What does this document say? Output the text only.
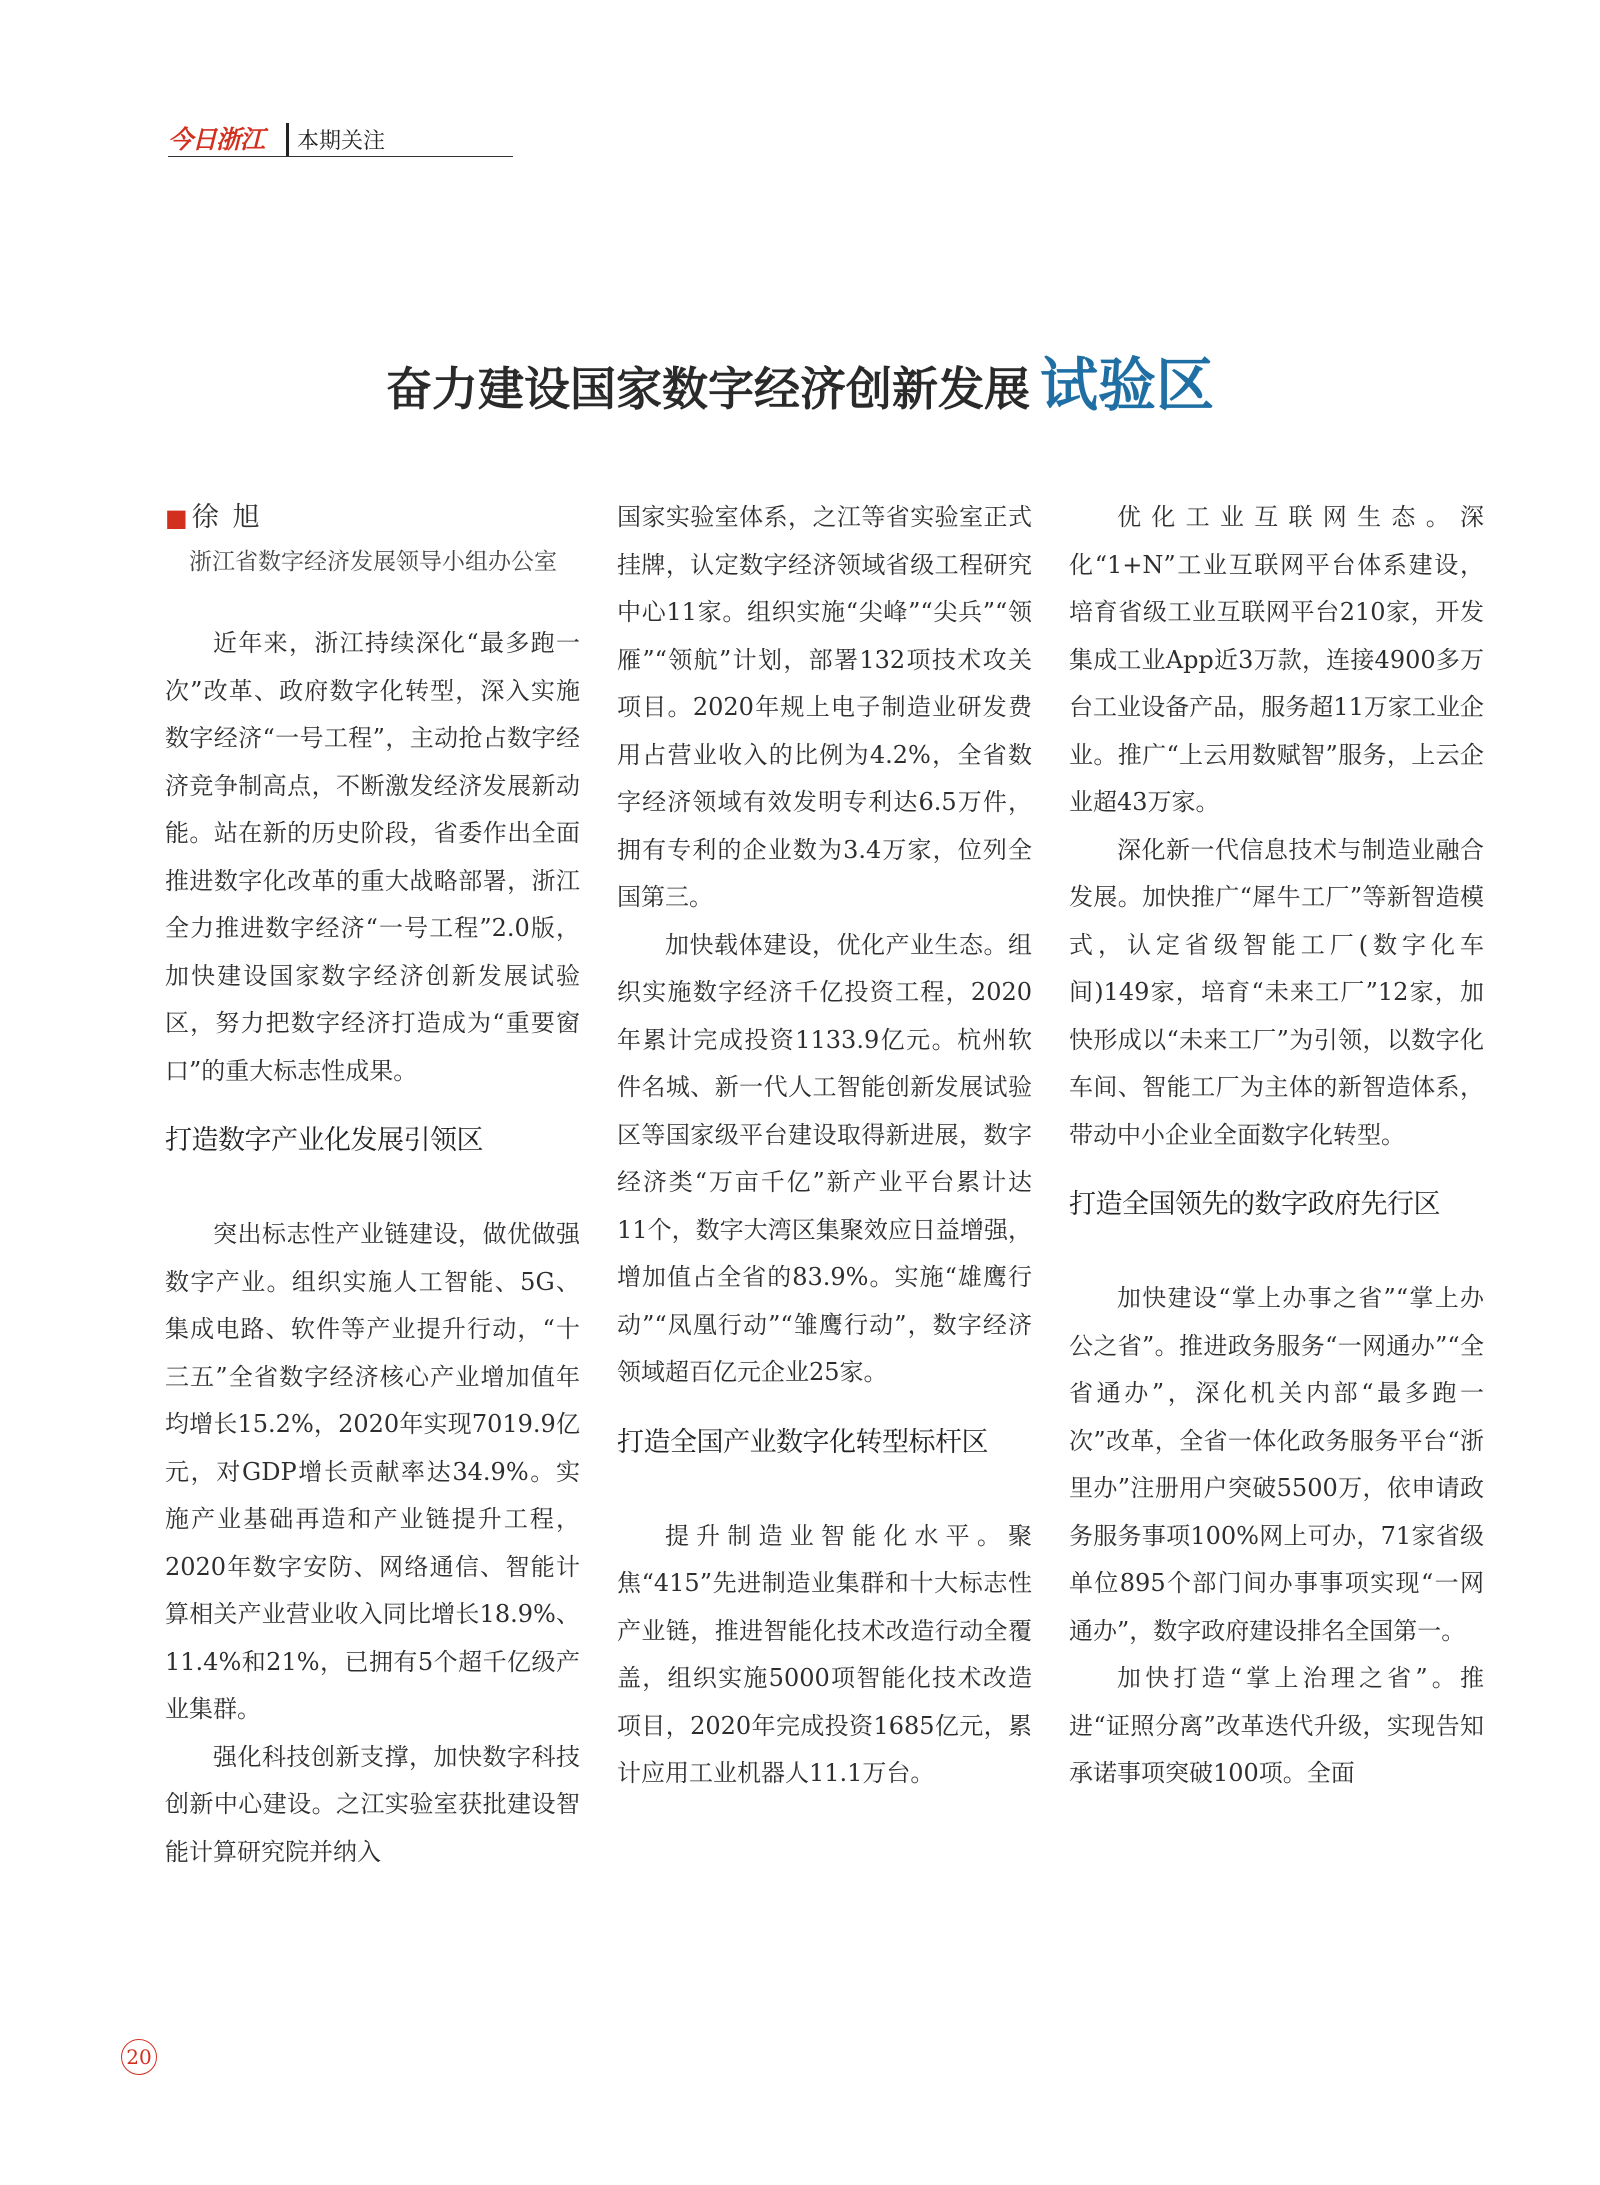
今日浙江 本期关注
奋力建设国家数字经济创新发展 试验区
■ 徐旭
浙江省数字经济发展领导小组办公室

近年来，浙江持续深化“最多跑一次”改革、政府数字化转型，深入实施数字经济“一号工程”，主动抢占数字经济竞争制高点，不断激发经济发展新动能。站在新的历史阶段，省委作出全面推进数字化改革的重大战略部署，浙江全力推进数字经济“一号工程”2.0版，加快建设国家数字经济创新发展试验区，努力把数字经济打造成为“重要窗口”的重大标志性成果。

打造数字产业化发展引领区

突出标志性产业链建设，做优做强数字产业。组织实施人工智能、5G、集成电路、软件等产业提升行动，“十三五”全省数字经济核心产业增加值年均增长15.2%，2020年实现7019.9亿元，对GDP增长贡献率达34.9%。实施产业基础再造和产业链提升工程，2020年数字安防、网络通信、智能计算相关产业营业收入同比增长18.9%、11.4%和21%，已拥有5个超千亿级产业集群。

强化科技创新支撑，加快数字科技创新中心建设。之江实验室获批建设智能计算研究院并纳入

国家实验室体系，之江等省实验室正式挂牌，认定数字经济领域省级工程研究中心11家。组织实施“尖峰”“尖兵”“领雁”“领航”计划，部署132项技术攻关项目。2020年规上电子制造业研发费用占营业收入的比例为4.2%，全省数字经济领域有效发明专利达6.5万件，拥有专利的企业数为3.4万家，位列全国第三。

加快载体建设，优化产业生态。组织实施数字经济千亿投资工程，2020年累计完成投资1133.9亿元。杭州软件名城、新一代人工智能创新发展试验区等国家级平台建设取得新进展，数字经济类“万亩千亿”新产业平台累计达11个，数字大湾区集聚效应日益增强，增加值占全省的83.9%。实施“雄鹰行动”“凤凰行动”“雏鹰行动”，数字经济领域超百亿元企业25家。

打造全国产业数字化转型标杆区

提升制造业智能化水平。聚焦“415”先进制造业集群和十大标志性产业链，推进智能化技术改造行动全覆盖，组织实施5000项智能化技术改造项目，2020年完成投资1685亿元，累计应用工业机器人11.1万台。

优化工业互联网生态。深化“1+N”工业互联网平台体系建设，培育省级工业互联网平台210家，开发集成工业App近3万款，连接4900多万台工业设备产品，服务超11万家工业企业。推广“上云用数赋智”服务，上云企业超43万家。

深化新一代信息技术与制造业融合发展。加快推广“犀牛工厂”等新智造模式，认定省级智能工厂(数字化车间)149家，培育“未来工厂”12家，加快形成以“未来工厂”为引领，以数字化车间、智能工厂为主体的新智造体系，带动中小企业全面数字化转型。

打造全国领先的数字政府先行区

加快建设“掌上办事之省”“掌上办公之省”。推进政务服务“一网通办”“全省通办”，深化机关内部“最多跑一次”改革，全省一体化政务服务平台“浙里办”注册用户突破5500万，依申请政务服务事项100%网上可办，71家省级单位895个部门间办事事项实现“一网通办”，数字政府建设排名全国第一。

加快打造“掌上治理之省”。推进“证照分离”改革迭代升级，实现告知承诺事项突破100项。全面

20
